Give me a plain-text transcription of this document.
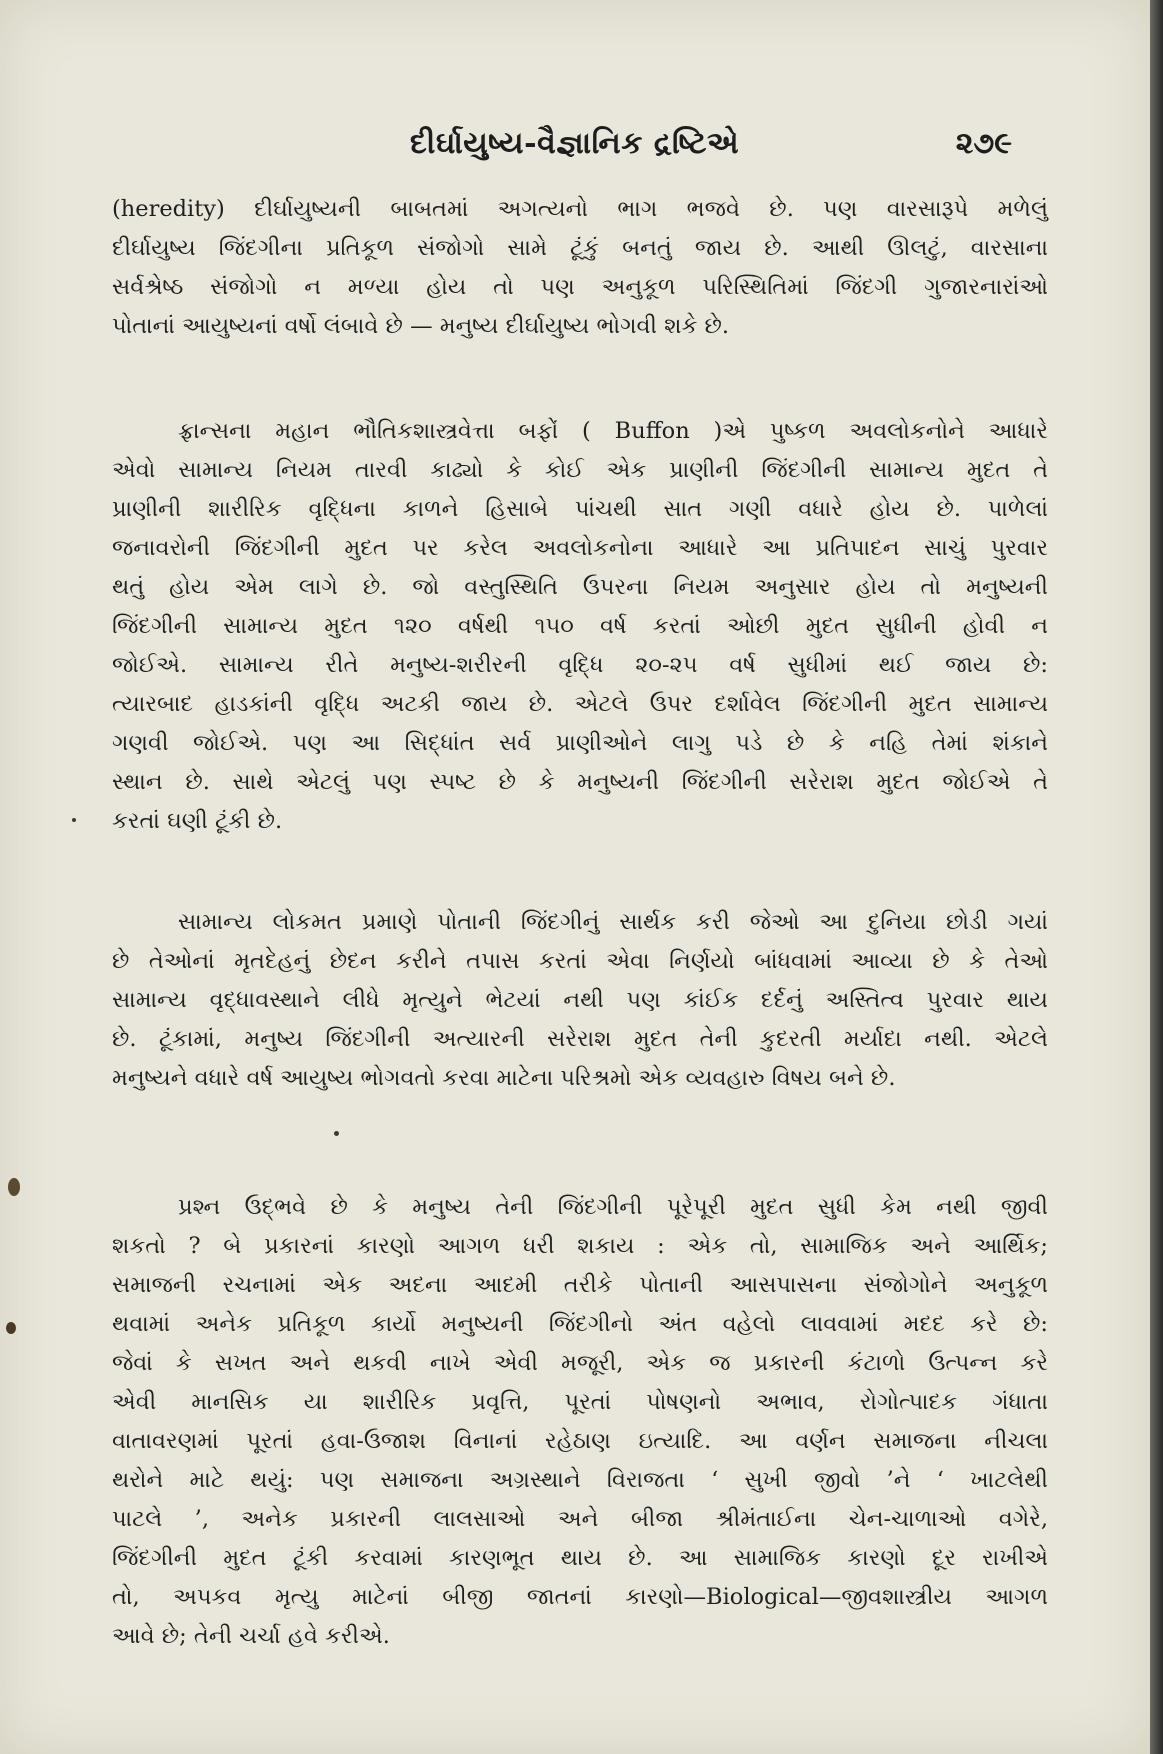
દીર્ઘાયુષ્ય-વૈજ્ઞાનિક દ્રષ્ટિએ	૨૭૯
(heredity) દીર્ઘાયુષ્યની બાબતમાં અગત્યનો ભાગ ભજવે છે. પણ વારસારૂપે મળેલું
દીર્ઘાયુષ્ય જિંદગીના પ્રતિકૂળ સંજોગો સામે ટૂંકું બનતું જાય છે. આથી ઊલટું, વારસાના
સર્વશ્રેષ્ઠ સંજોગો ન મળ્યા હોય તો પણ અનુકૂળ પરિસ્થિતિમાં જિંદગી ગુજારનારાંઓ
પોતાનાં આયુષ્યનાં વર્ષો લંબાવે છે — મનુષ્ય દીર્ઘાયુષ્ય ભોગવી શકે છે.
ફ્રાન્સના મહાન ભૌતિકશાસ્ત્રવેત્તા બફોં ( Buffon )એ પુષ્કળ અવલોકનોને આધારે
એવો સામાન્ય નિયમ તારવી કાઢ્યો કે કોઈ એક પ્રાણીની જિંદગીની સામાન્ય મુદત તે
પ્રાણીની શારીરિક વૃદ્ધિના કાળને હિસાબે પાંચથી સાત ગણી વધારે હોય છે. પાળેલાં
જનાવરોની જિંદગીની મુદત પર કરેલ અવલોકનોના આધારે આ પ્રતિપાદન સાચું પુરવાર
થતું હોય એમ લાગે છે. જો વસ્તુસ્થિતિ ઉપરના નિયમ અનુસાર હોય તો મનુષ્યની
જિંદગીની સામાન્ય મુદત ૧૨૦ વર્ષથી ૧૫૦ વર્ષ કરતાં ઓછી મુદત સુધીની હોવી ન
જોઈએ. સામાન્ય રીતે મનુષ્ય-શરીરની વૃદ્ધિ ૨૦-૨૫ વર્ષ સુધીમાં થઈ જાય છે:
ત્યારબાદ હાડકાંની વૃદ્ધિ અટકી જાય છે. એટલે ઉપર દર્શાવેલ જિંદગીની મુદત સામાન્ય
ગણવી જોઈએ. પણ આ સિદ્ધાંત સર્વ પ્રાણીઓને લાગુ પડે છે કે નહિ તેમાં શંકાને
સ્થાન છે. સાથે એટલું પણ સ્પષ્ટ છે કે મનુષ્યની જિંદગીની સરેરાશ મુદત જોઈએ તે
કરતાં ઘણી ટૂંકી છે.
સામાન્ય લોકમત પ્રમાણે પોતાની જિંદગીનું સાર્થક કરી જેઓ આ દુનિયા છોડી ગયાં
છે તેઓનાં મૃતદેહનું છેદન કરીને તપાસ કરતાં એવા નિર્ણયો બાંધવામાં આવ્યા છે કે તેઓ
સામાન્ય વૃદ્ધાવસ્થાને લીધે મૃત્યુને ભેટયાં નથી પણ કાંઈક દર્દનું અસ્તિત્વ પુરવાર થાય
છે. ટૂંકામાં, મનુષ્ય જિંદગીની અત્યારની સરેરાશ મુદત તેની કુદરતી મર્યાદા નથી. એટલે
મનુષ્યને વધારે વર્ષ આયુષ્ય ભોગવતો કરવા માટેના પરિશ્રમો એક વ્યવહારુ વિષય બને છે.
પ્રશ્ન ઉદ્ભવે છે કે મનુષ્ય તેની જિંદગીની પૂરેપૂરી મુદત સુધી કેમ નથી જીવી
શકતો ? બે પ્રકારનાં કારણો આગળ ધરી શકાય : એક તો, સામાજિક અને આર્થિક;
સમાજની રચનામાં એક અદના આદમી તરીકે પોતાની આસપાસના સંજોગોને અનુકૂળ
થવામાં અનેક પ્રતિકૂળ કાર્યો મનુષ્યની જિંદગીનો અંત વહેલો લાવવામાં મદદ કરે છે:
જેવાં કે સખત અને થકવી નાખે એવી મજૂરી, એક જ પ્રકારની કંટાળો ઉત્પન્ન કરે
એવી માનસિક યા શારીરિક પ્રવૃત્તિ, પૂરતાં પોષણનો અભાવ, રોગોત્પાદક ગંધાતા
વાતાવરણમાં પૂરતાં હવા-ઉજાશ વિનાનાં રહેઠાણ ઇત્યાદિ. આ વર્ણન સમાજના નીચલા
થરોને માટે થયું: પણ સમાજના અગ્રસ્થાને વિરાજતા ‘ સુખી જીવો ’ને ‘ ખાટલેથી
પાટલે ’, અનેક પ્રકારની લાલસાઓ અને બીજા શ્રીમંતાઈના ચેન-ચાળાઓ વગેરે,
જિંદગીની મુદત ટૂંકી કરવામાં કારણભૂત થાય છે. આ સામાજિક કારણો દૂર રાખીએ
તો, અપકવ મૃત્યુ માટેનાં બીજી જાતનાં કારણો—Biological—જીવશાસ્ત્રીય આગળ
આવે છે; તેની ચર્ચા હવે કરીએ.
